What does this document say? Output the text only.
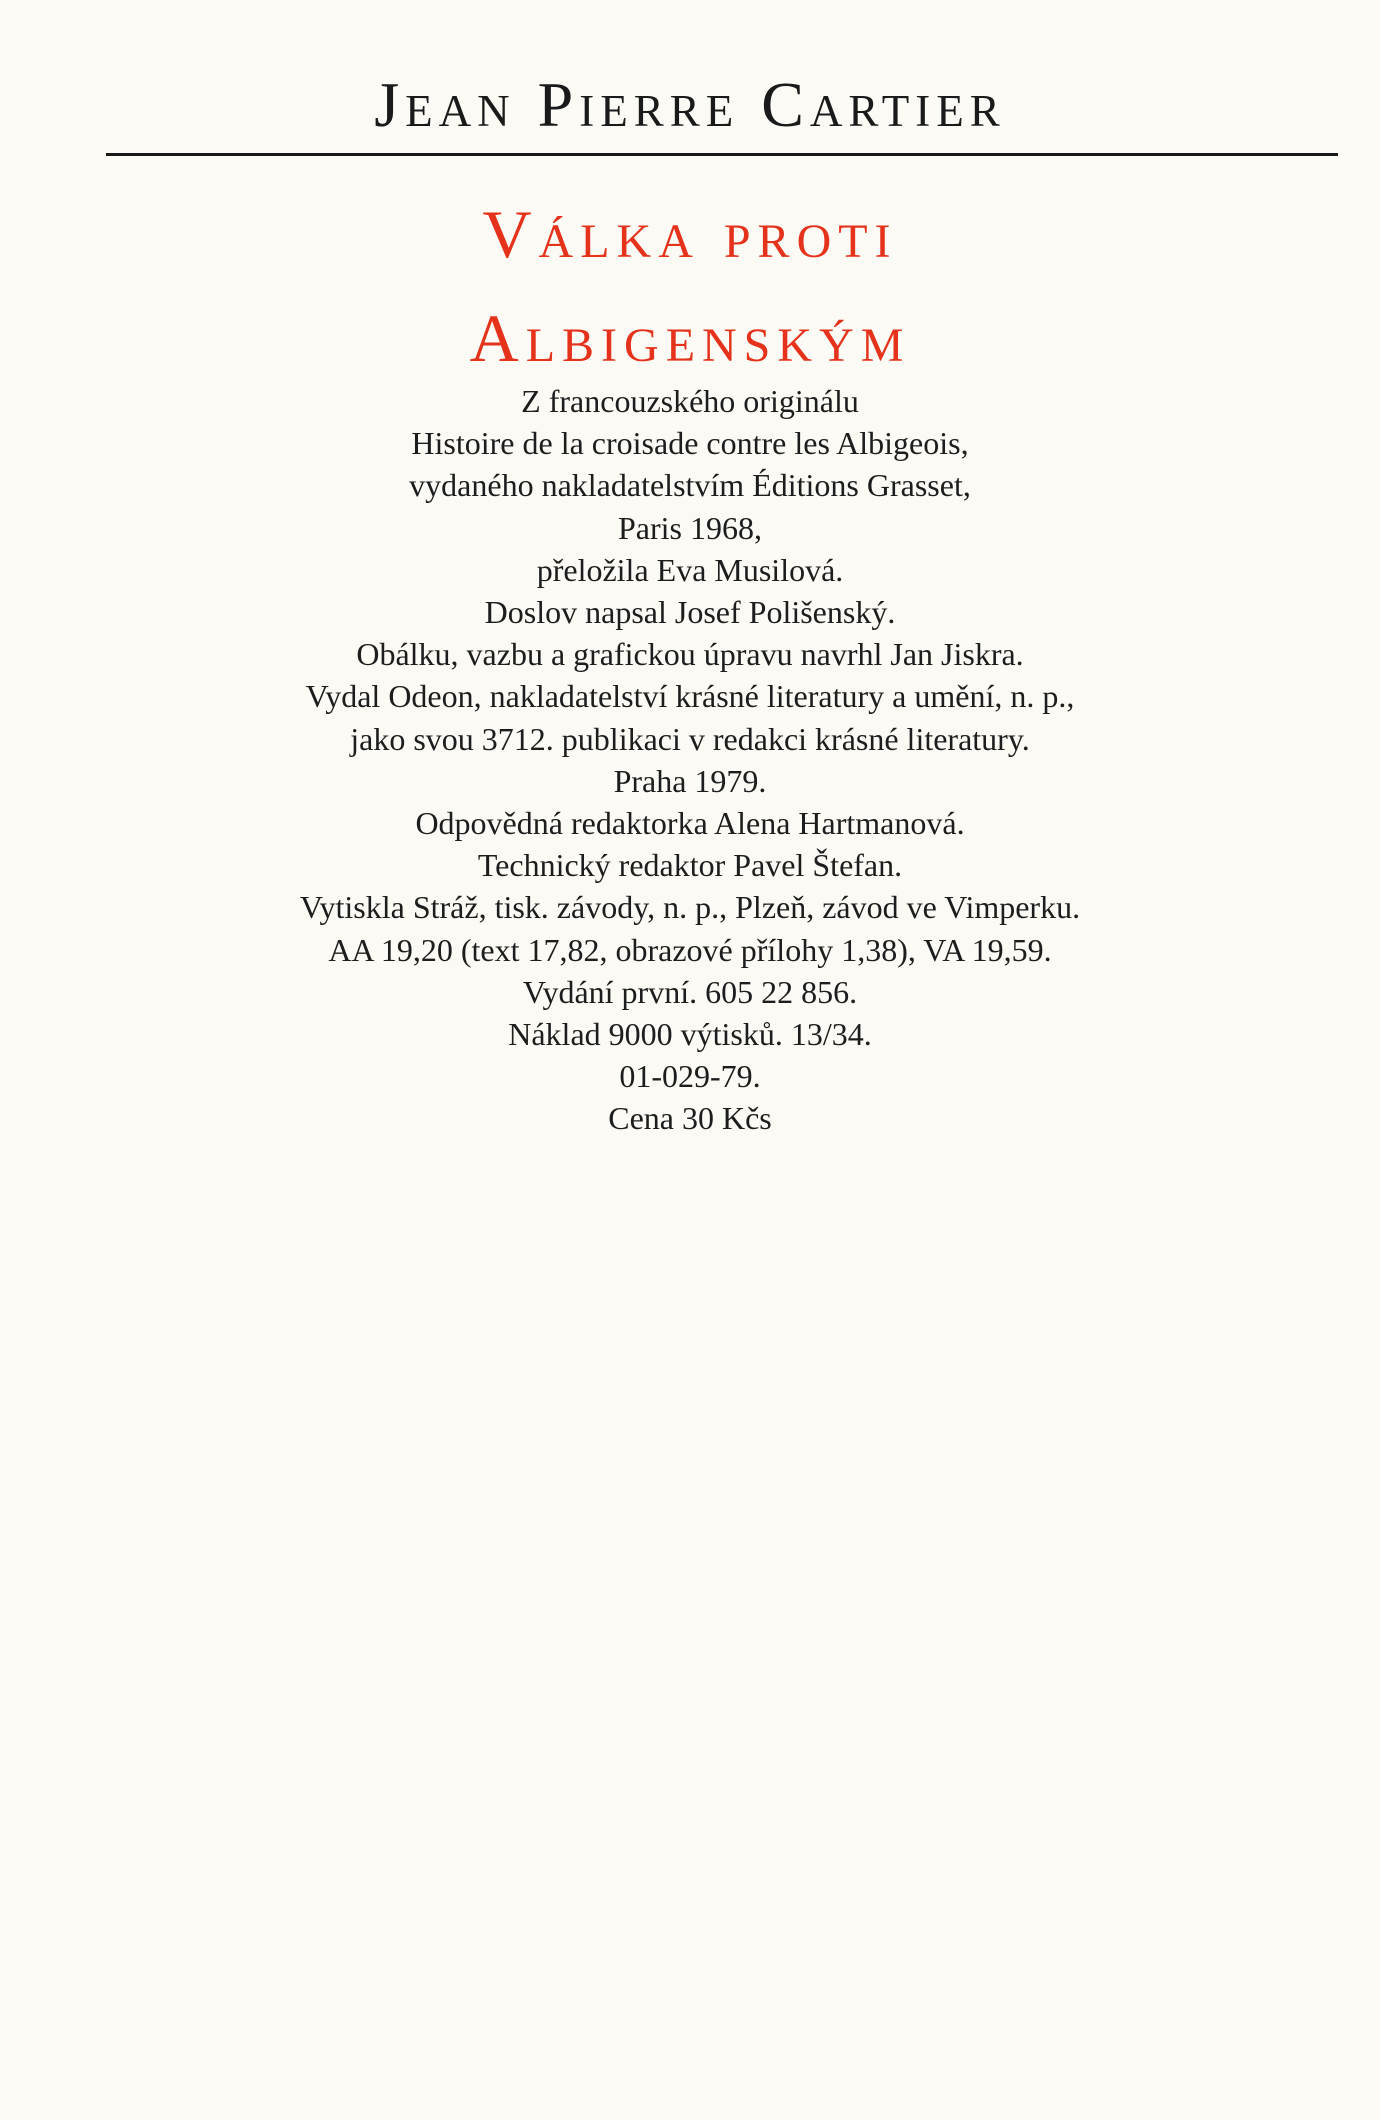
Jean Pierre Cartier
Válka proti
Albigenským
Z francouzského originálu
Histoire de la croisade contre les Albigeois,
vydaného nakladatelstvím Éditions Grasset,
Paris 1968,
přeložila Eva Musilová.
Doslov napsal Josef Polišenský.
Obálku, vazbu a grafickou úpravu navrhl Jan Jiskra.
Vydal Odeon, nakladatelství krásné literatury a umění, n. p.,
jako svou 3712. publikaci v redakci krásné literatury.
Praha 1979.
Odpovědná redaktorka Alena Hartmanová.
Technický redaktor Pavel Štefan.
Vytiskla Stráž, tisk. závody, n. p., Plzeň, závod ve Vimperku.
AA 19,20 (text 17,82, obrazové přílohy 1,38), VA 19,59.
Vydání první. 605 22 856.
Náklad 9000 výtisků. 13/34.
01-029-79.
Cena 30 Kčs
